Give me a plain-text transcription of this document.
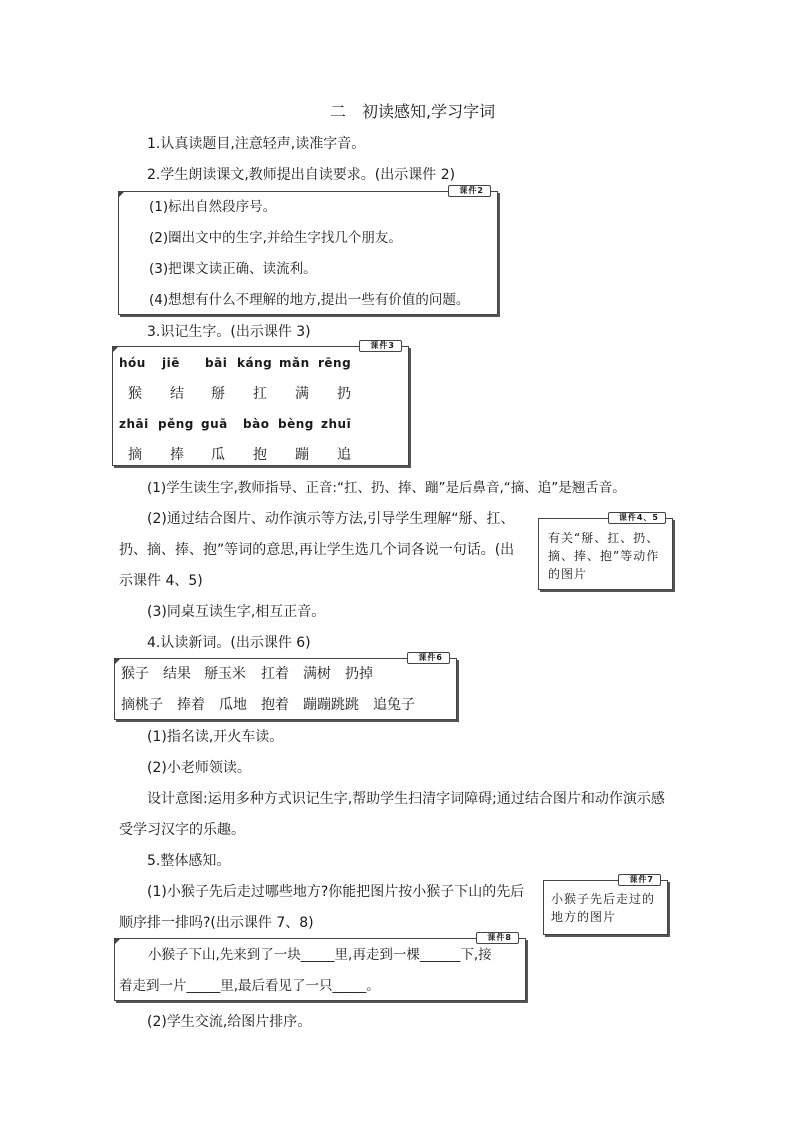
二　初读感知,学习字词
1.认真读题目,注意轻声,读准字音。
2.学生朗读课文,教师提出自读要求。(出示课件 2)
课件2
(1)标出自然段序号。
(2)圈出文中的生字,并给生字找几个朋友。
(3)把课文读正确、读流利。
(4)想想有什么不理解的地方,提出一些有价值的问题。
3.识记生字。(出示课件 3)
课件3
hóu jiē bāi káng mǎn rēng
猴 结 掰 扛 满 扔
zhāi pěng guā bào bèng zhuī
摘 捧 瓜 抱 蹦 追
(1)学生读生字,教师指导、正音:“扛、扔、捧、蹦”是后鼻音,“摘、追”是翘舌音。
(2)通过结合图片、动作演示等方法,引导学生理解“掰、扛、
扔、摘、捧、抱”等词的意思,再让学生选几个词各说一句话。(出
示课件 4、5)
课件4、5
有关“掰、扛、扔、摘、捧、抱”等动作的图片
(3)同桌互读生字,相互正音。
4.认读新词。(出示课件 6)
课件6
猴子 结果 掰玉米 扛着 满树 扔掉
摘桃子 捧着 瓜地 抱着 蹦蹦跳跳 追兔子
(1)指名读,开火车读。
(2)小老师领读。
设计意图:运用多种方式识记生字,帮助学生扫清字词障碍;通过结合图片和动作演示感
受学习汉字的乐趣。
5.整体感知。
(1)小猴子先后走过哪些地方?你能把图片按小猴子下山的先后
顺序排一排吗?(出示课件 7、8)
课件7
小猴子先后走过的地方的图片
课件8
小猴子下山,先来到了一块_____里,再走到一棵______下,接
着走到一片_____里,最后看见了一只_____。
(2)学生交流,给图片排序。
